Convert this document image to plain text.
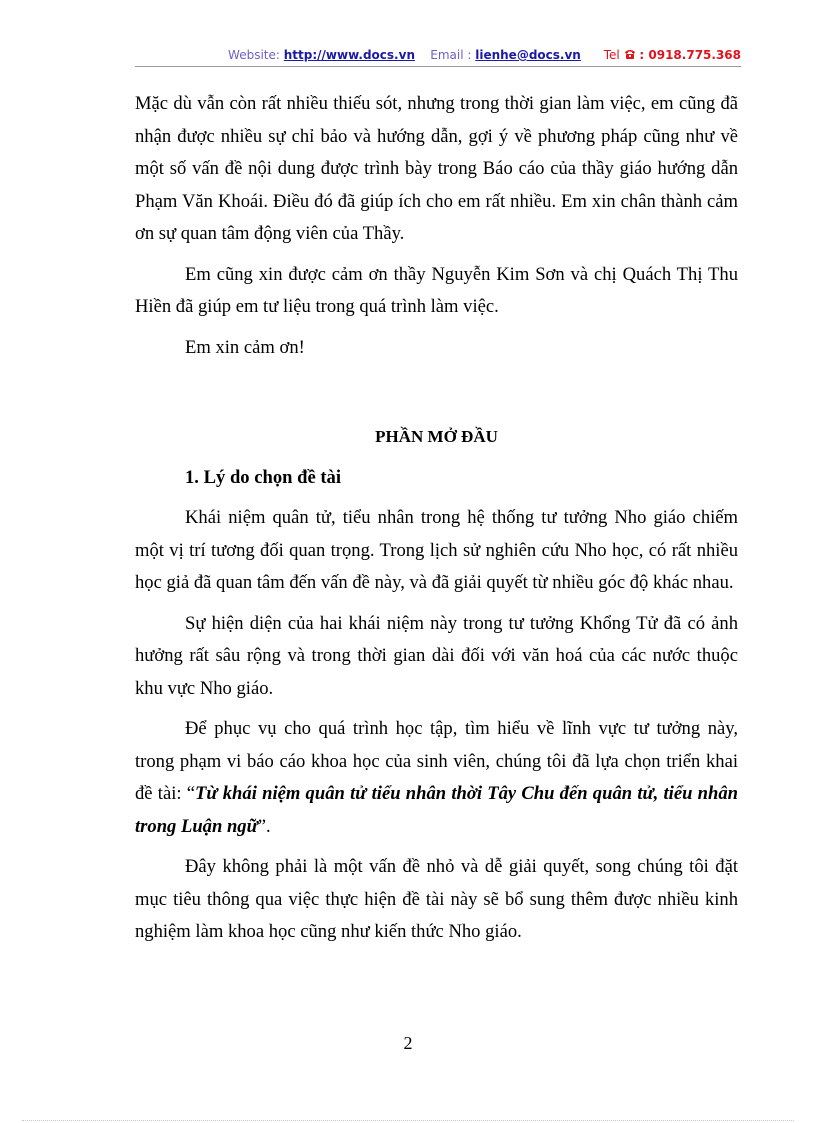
Website: http://www.docs.vn Email : lienhe@docs.vn Tel : 0918.775.368

Mặc dù vẫn còn rất nhiều thiếu sót, nhưng trong thời gian làm việc, em cũng đã nhận được nhiều sự chỉ bảo và hướng dẫn, gợi ý về phương pháp cũng như về một số vấn đề nội dung được trình bày trong Báo cáo của thầy giáo hướng dẫn Phạm Văn Khoái. Điều đó đã giúp ích cho em rất nhiều. Em xin chân thành cảm ơn sự quan tâm động viên của Thầy.

Em cũng xin được cảm ơn thầy Nguyễn Kim Sơn và chị Quách Thị Thu Hiền đã giúp em tư liệu trong quá trình làm việc.

Em xin cảm ơn!

PHẦN MỞ ĐẦU

1. Lý do chọn đề tài

Khái niệm quân tử, tiểu nhân trong hệ thống tư tưởng Nho giáo chiếm một vị trí tương đối quan trọng. Trong lịch sử nghiên cứu Nho học, có rất nhiều học giả đã quan tâm đến vấn đề này, và đã giải quyết từ nhiều góc độ khác nhau.

Sự hiện diện của hai khái niệm này trong tư tưởng Khổng Tử đã có ảnh hưởng rất sâu rộng và trong thời gian dài đối với văn hoá của các nước thuộc khu vực Nho giáo.

Để phục vụ cho quá trình học tập, tìm hiểu về lĩnh vực tư tưởng này, trong phạm vi báo cáo khoa học của sinh viên, chúng tôi đã lựa chọn triển khai đề tài: “Từ khái niệm quân tử tiểu nhân thời Tây Chu đến quân tử, tiểu nhân trong Luận ngữ”.

Đây không phải là một vấn đề nhỏ và dễ giải quyết, song chúng tôi đặt mục tiêu thông qua việc thực hiện đề tài này sẽ bổ sung thêm được nhiều kinh nghiệm làm khoa học cũng như kiến thức Nho giáo.

2
